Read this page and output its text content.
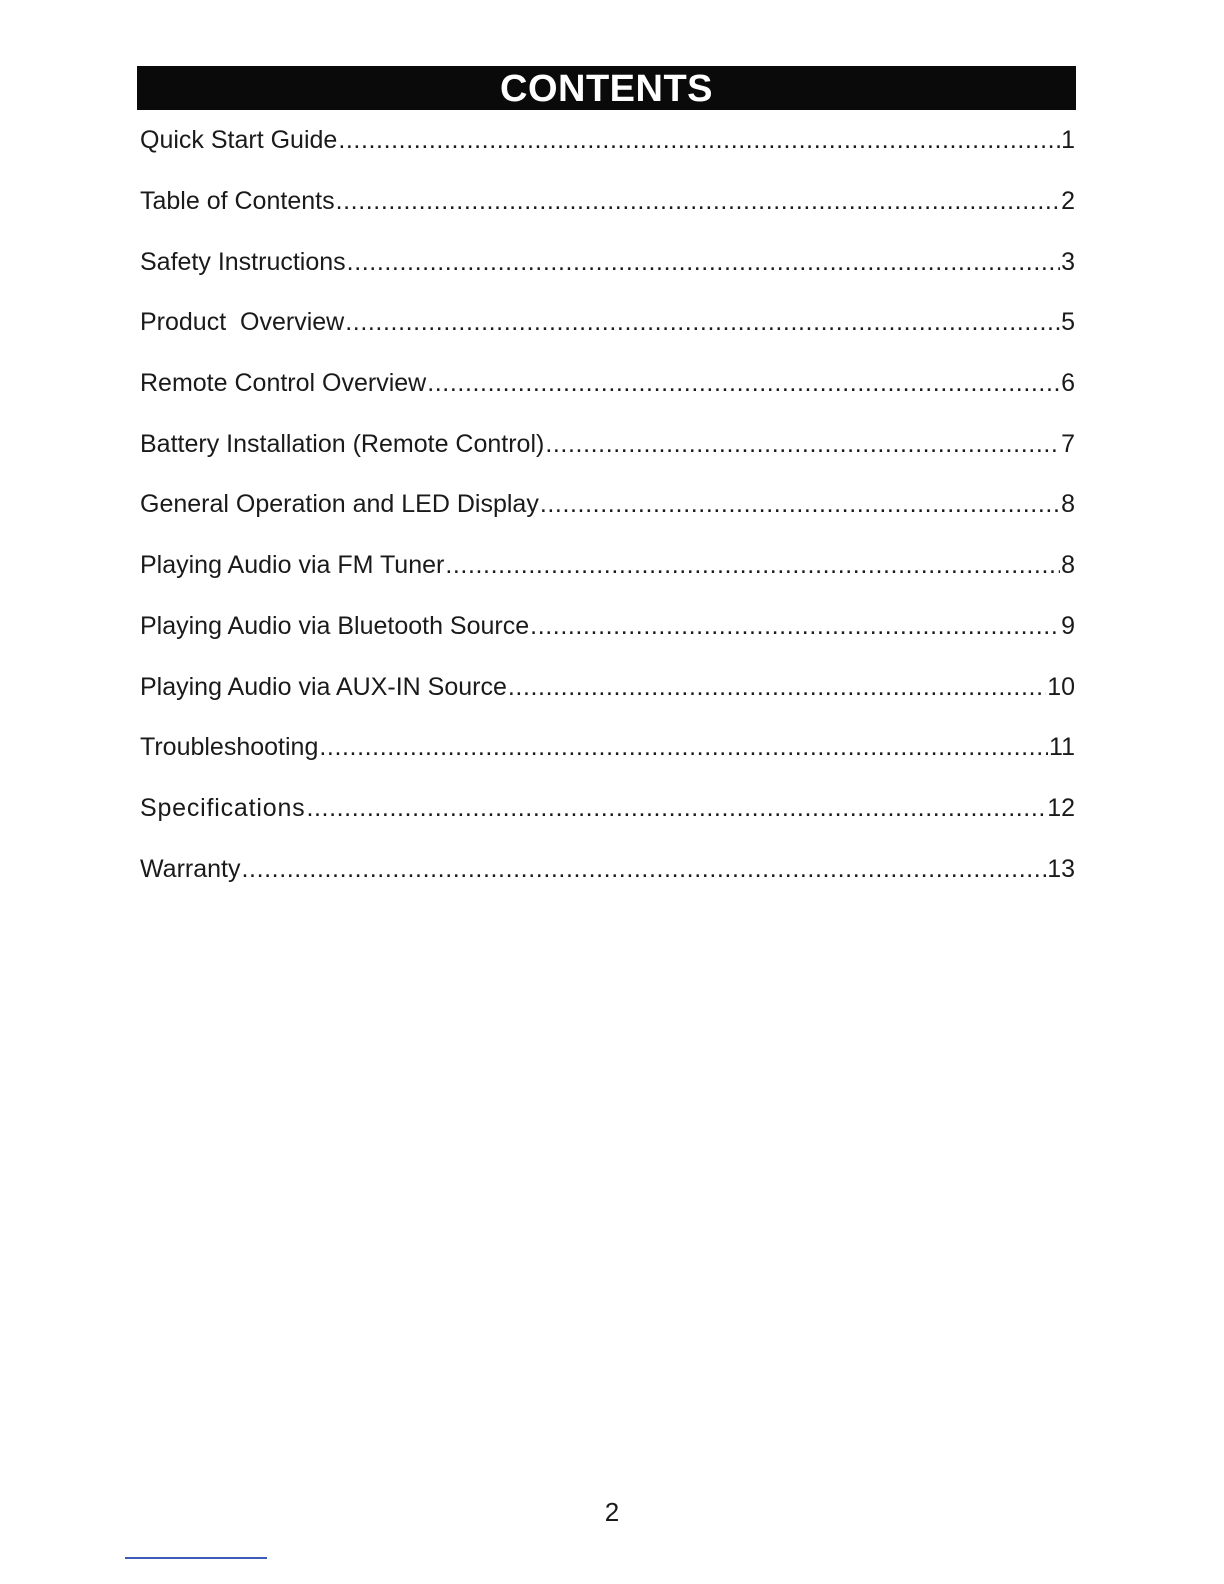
CONTENTS
Quick Start Guide .....	1
Table of Contents .....	2
Safety Instructions .....	3
Product  Overview .....	5
Remote Control Overview .....	6
Battery Installation (Remote Control) .....	7
General Operation and LED Display .....	8
Playing Audio via FM Tuner .....	8
Playing Audio via Bluetooth Source .....	9
Playing Audio via AUX-IN Source .....	10
Troubleshooting .....	11
Specifications .....	12
Warranty .....	13
2
